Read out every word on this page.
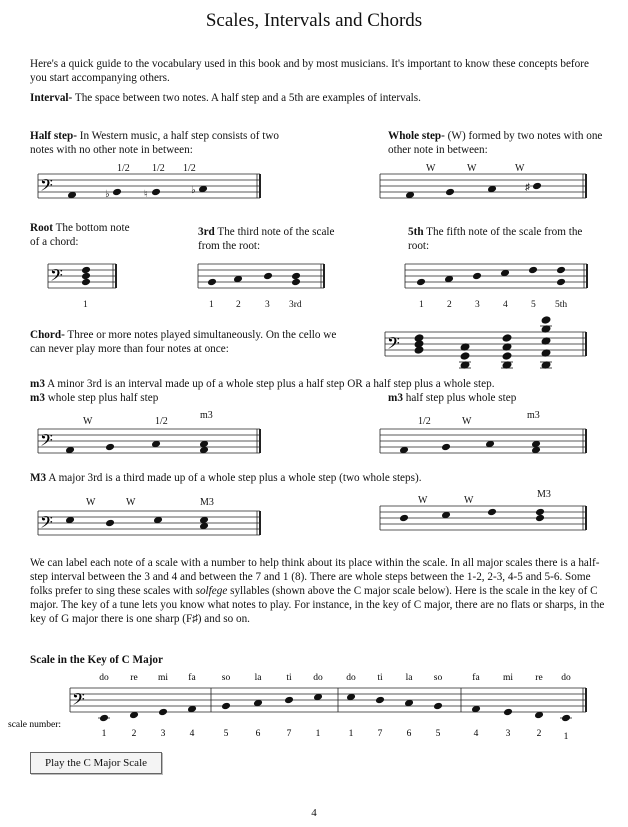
Scales, Intervals and Chords
Here's a quick guide to the vocabulary used in this book and by most musicians. It's important to know these concepts before you start accompanying others.
Interval- The space between two notes. A half step and a 5th are examples of intervals.
Half step- In Western music, a half step consists of two notes with no other note in between:
1/2 1/2 1/2
𝄢	♭	♮	♭
Whole step- (W) formed by two notes with one other note in between:
W	W	W
♯
Root The bottom note of a chord:
𝄢
1
3rd The third note of the scale from the root:
1 2	3 3rd
5th The fifth note of the scale from the root:
1 2 3 4 5 5th
Chord- Three or more notes played simultaneously. On the cello we can never play more than four notes at once:	𝄢
m3 A minor 3rd is an interval made up of a whole step plus a half step OR a half step plus a whole step.
m3 whole step plus half step	m3 half step plus whole step
W	1/2
m3
𝄢
1/2	W
m3
M3 A major 3rd is a third made up of a whole step plus a whole step (two whole steps).
W	W	M3
𝄢
W	W
M3
We can label each note of a scale with a number to help think about its place within the scale. In all major scales there is a half-step interval between the 3 and 4 and between the 7 and 1 (8). There are whole steps between the 1-2, 2-3, 4-5 and 5-6. Some folks prefer to sing these scales with solfege syllables (shown above the C major scale below). Here is the scale in the key of C major. The key of a tune lets you know what notes to play. For instance, in the key of C major, there are no flats or sharps, in the key of G major there is one sharp (F♯) and so on.
Scale in the Key of C Major
do re mi fa	so	la	ti do do ti la so	fa mi re do
𝄢
scale number:
1	2	3	4	5	6	7	1	1	7	6	5	4	3	2 1
Play the C Major Scale
4
